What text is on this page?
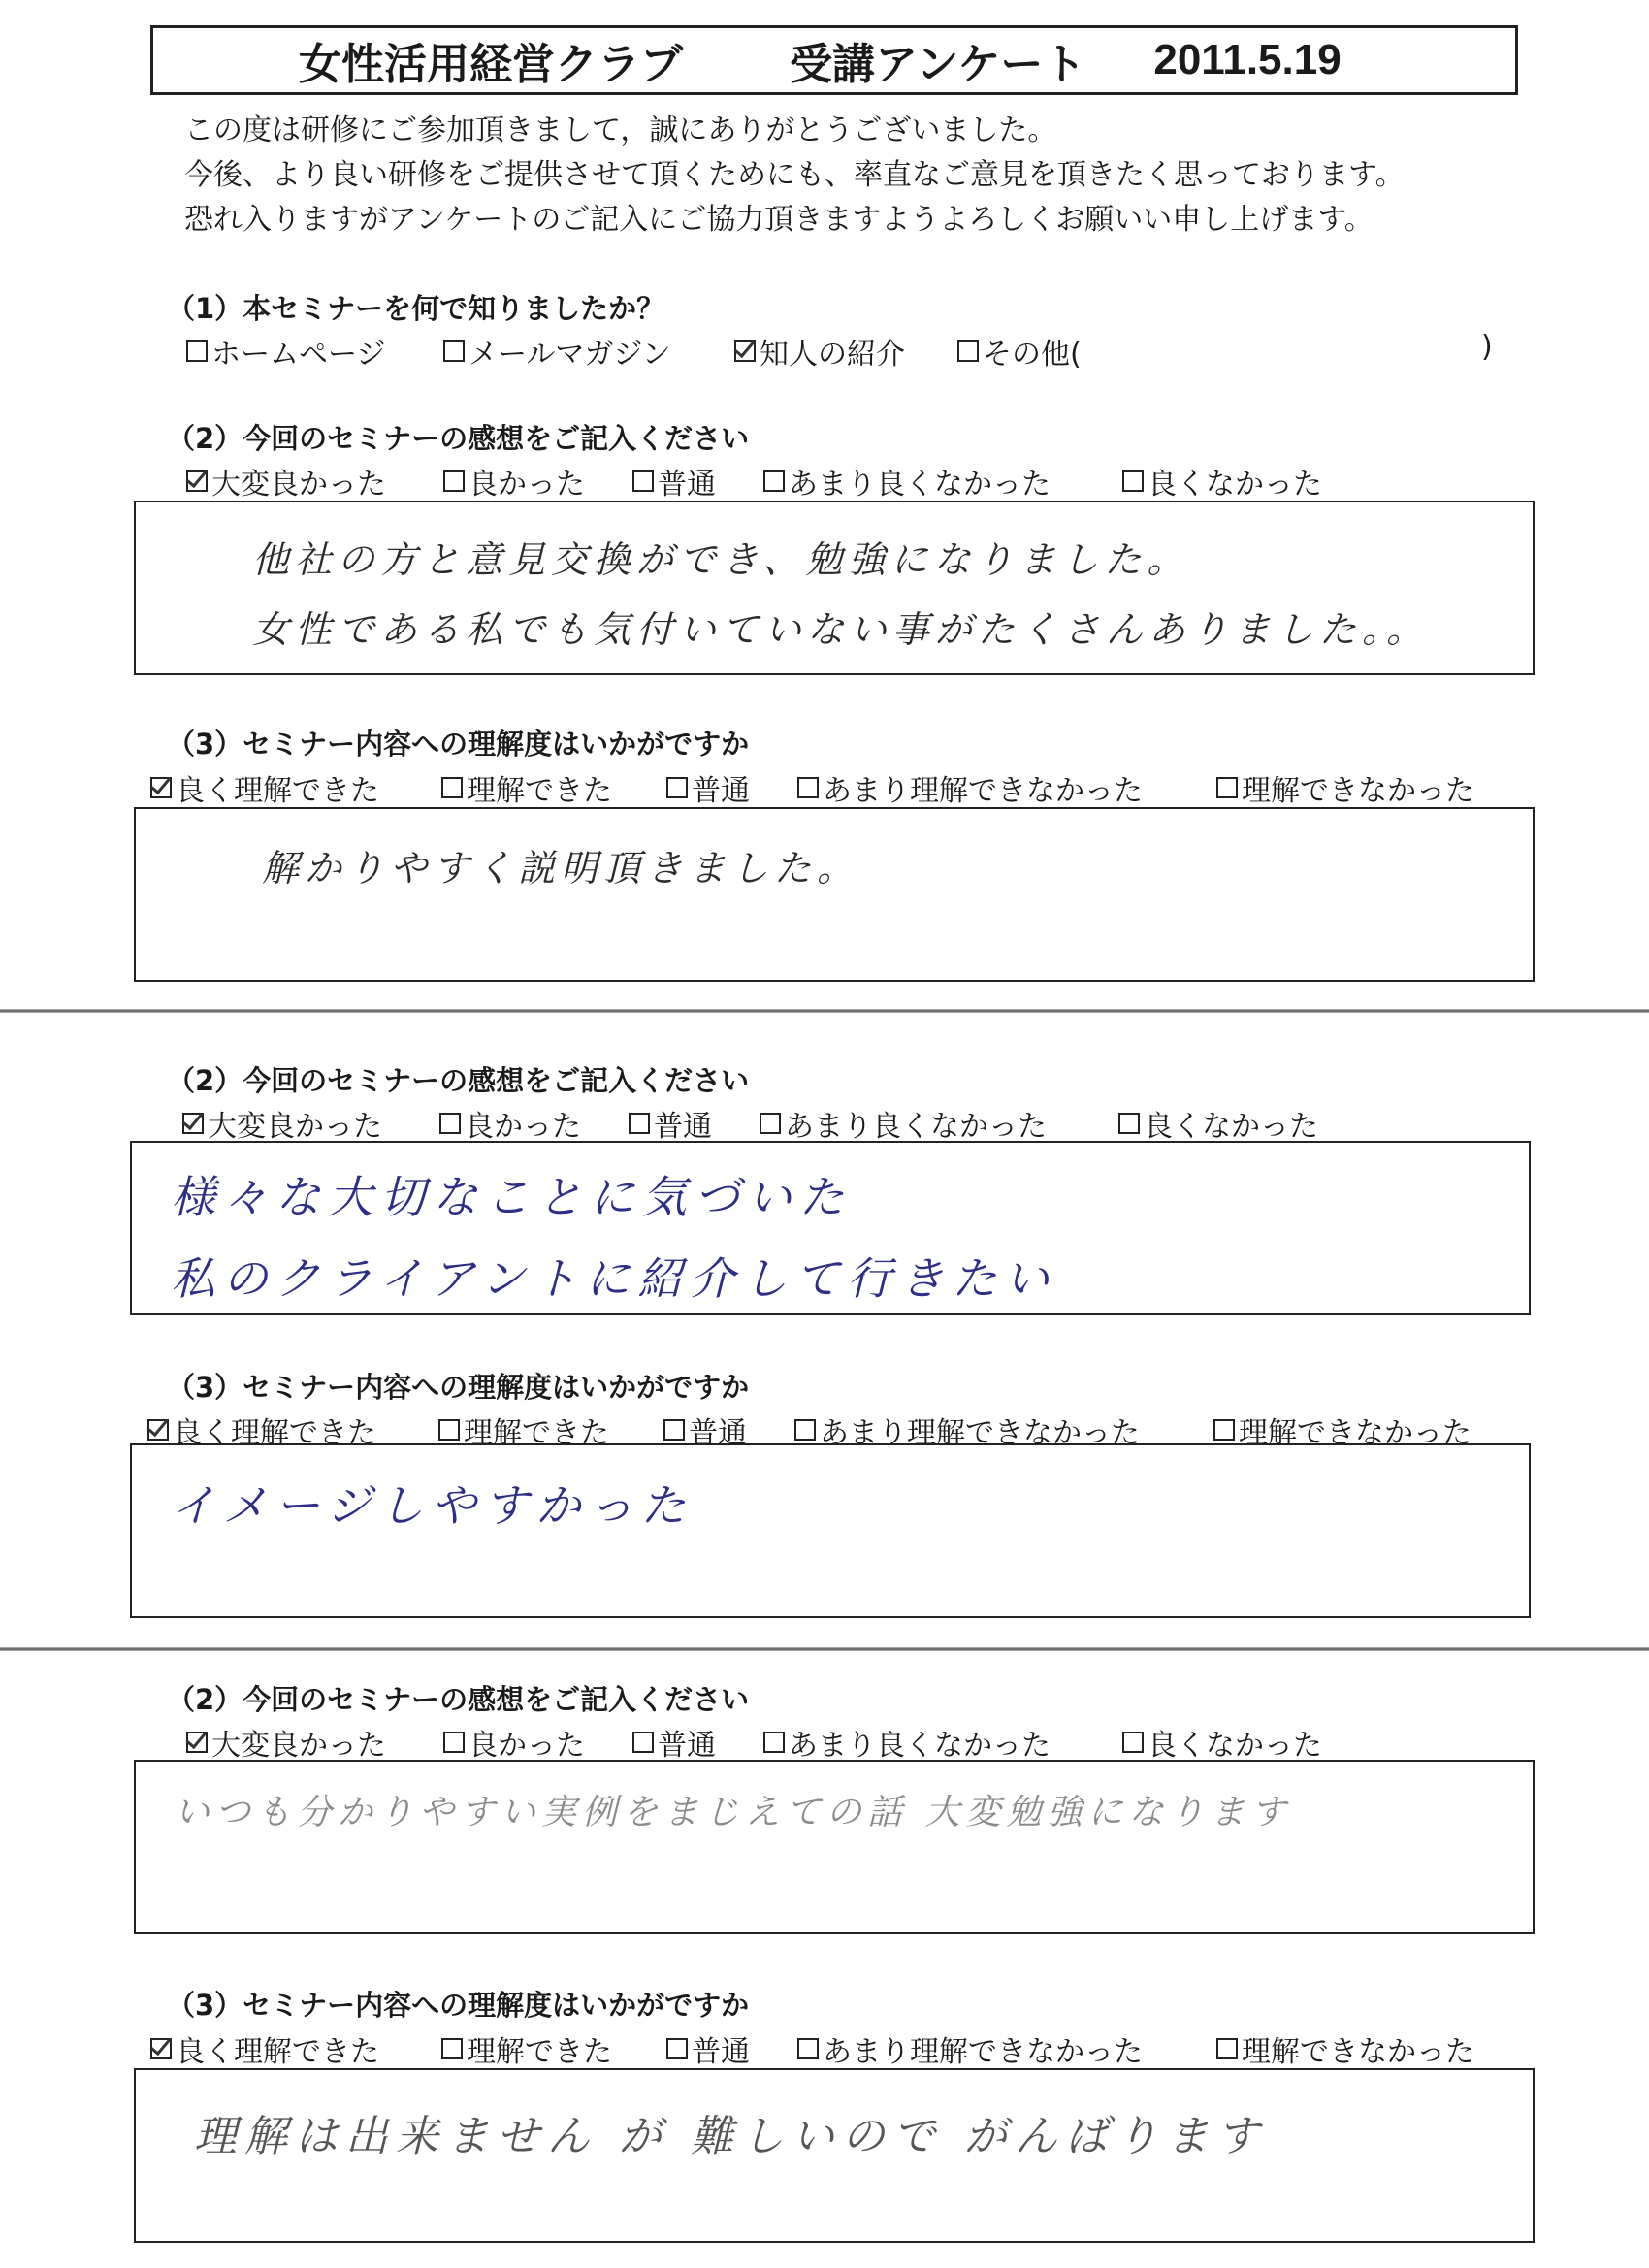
女性活用経営クラブ	受講アンケート 2011.5.19
この度は研修にご参加頂きまして，誠にありがとうございました。
今後、より良い研修をご提供させて頂くためにも、率直なご意見を頂きたく思っております。
恐れ入りますがアンケートのご記入にご協力頂きますようよろしくお願いい申し上げます。
（1）本セミナーを何で知りましたか？
ホームページ	メールマガジン	知人の紹介	その他(	)
（2）今回のセミナーの感想をご記入ください
大変良かった	良かった	普通	あまり良くなかった	良くなかった
他社の方と意見交換ができ、勉強になりました。
女性である私でも気付いていない事がたくさんありました。。
（3）セミナー内容への理解度はいかがですか
良く理解できた	理解できた	普通	あまり理解できなかった	理解できなかった
解かりやすく説明頂きました。
（2）今回のセミナーの感想をご記入ください
大変良かった	良かった	普通	あまり良くなかった	良くなかった
様々な大切なことに気づいた
私のクライアントに紹介して行きたい
（3）セミナー内容への理解度はいかがですか
良く理解できた	理解できた	普通	あまり理解できなかった	理解できなかった
イメージしやすかった
（2）今回のセミナーの感想をご記入ください
大変良かった	良かった	普通	あまり良くなかった	良くなかった
いつも分かりやすい実例をまじえての話 大変勉強になります
（3）セミナー内容への理解度はいかがですか
良く理解できた	理解できた	普通	あまり理解できなかった	理解できなかった
理解は出来ません が 難しいので がんばります
